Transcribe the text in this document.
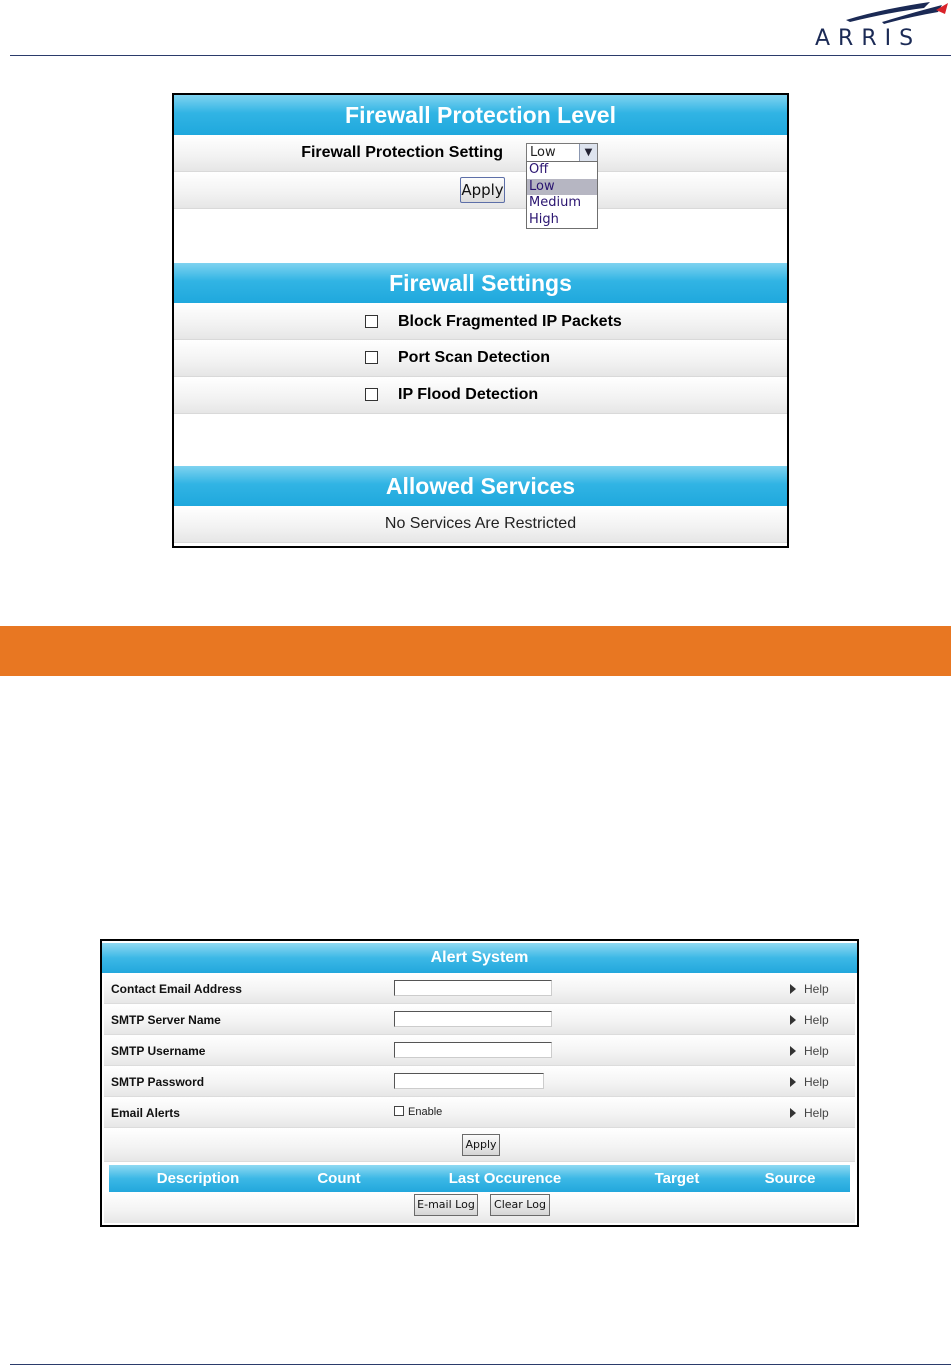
ARRIS
Firewall Protection Level
Firewall Protection Setting	Low	▼
Apply
Off
Low
Medium
High
Firewall Settings
Block Fragmented IP Packets
Port Scan Detection
IP Flood Detection
Allowed Services
No Services Are Restricted
Alert System
Contact Email Address	Help
SMTP Server Name	Help
SMTP Username	Help
SMTP Password	Help
Email Alerts	Enable	Help
Apply
Description	Count	Last Occurence	Target	Source
E-mail Log	Clear Log
